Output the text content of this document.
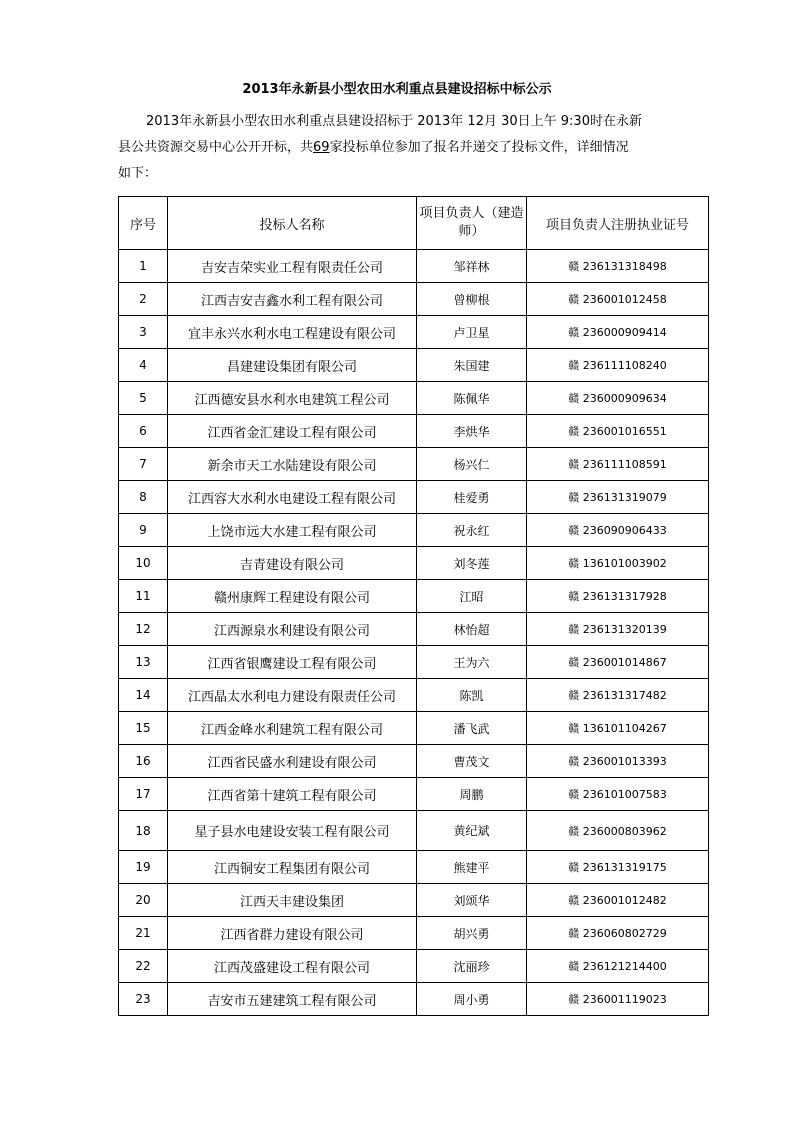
2013年永新县小型农田水利重点县建设招标中标公示
2013年永新县小型农田水利重点县建设招标于 2013年 12月 30日上午 9:30时在永新
县公共资源交易中心公开开标，共69家投标单位参加了报名并递交了投标文件，详细情况
如下：
序号	投标人名称	项目负责人（建造师）	项目负责人注册执业证号
1	吉安吉荣实业工程有限责任公司	邹祥林	赣 236131318498
2	江西吉安吉鑫水利工程有限公司	曾柳根	赣 236001012458
3	宜丰永兴水利水电工程建设有限公司	卢卫星	赣 236000909414
4	昌建建设集团有限公司	朱国建	赣 236111108240
5	江西德安县水利水电建筑工程公司	陈佩华	赣 236000909634
6	江西省金汇建设工程有限公司	李烘华	赣 236001016551
7	新余市天工水陆建设有限公司	杨兴仁	赣 236111108591
8	江西容大水利水电建设工程有限公司	桂爱勇	赣 236131319079
9	上饶市远大水建工程有限公司	祝永红	赣 236090906433
10	吉青建设有限公司	刘冬莲	赣 136101003902
11	赣州康辉工程建设有限公司	江昭	赣 236131317928
12	江西源泉水利建设有限公司	林怡超	赣 236131320139
13	江西省银鹰建设工程有限公司	王为六	赣 236001014867
14	江西晶太水利电力建设有限责任公司	陈凯	赣 236131317482
15	江西金峰水利建筑工程有限公司	潘飞武	赣 136101104267
16	江西省民盛水利建设有限公司	曹茂文	赣 236001013393
17	江西省第十建筑工程有限公司	周鹏	赣 236101007583
18	星子县水电建设安装工程有限公司	黄纪斌	赣 236000803962
19	江西铜安工程集团有限公司	熊建平	赣 236131319175
20	江西天丰建设集团	刘颂华	赣 236001012482
21	江西省群力建设有限公司	胡兴勇	赣 236060802729
22	江西茂盛建设工程有限公司	沈丽珍	赣 236121214400
23	吉安市五建建筑工程有限公司	周小勇	赣 236001119023
